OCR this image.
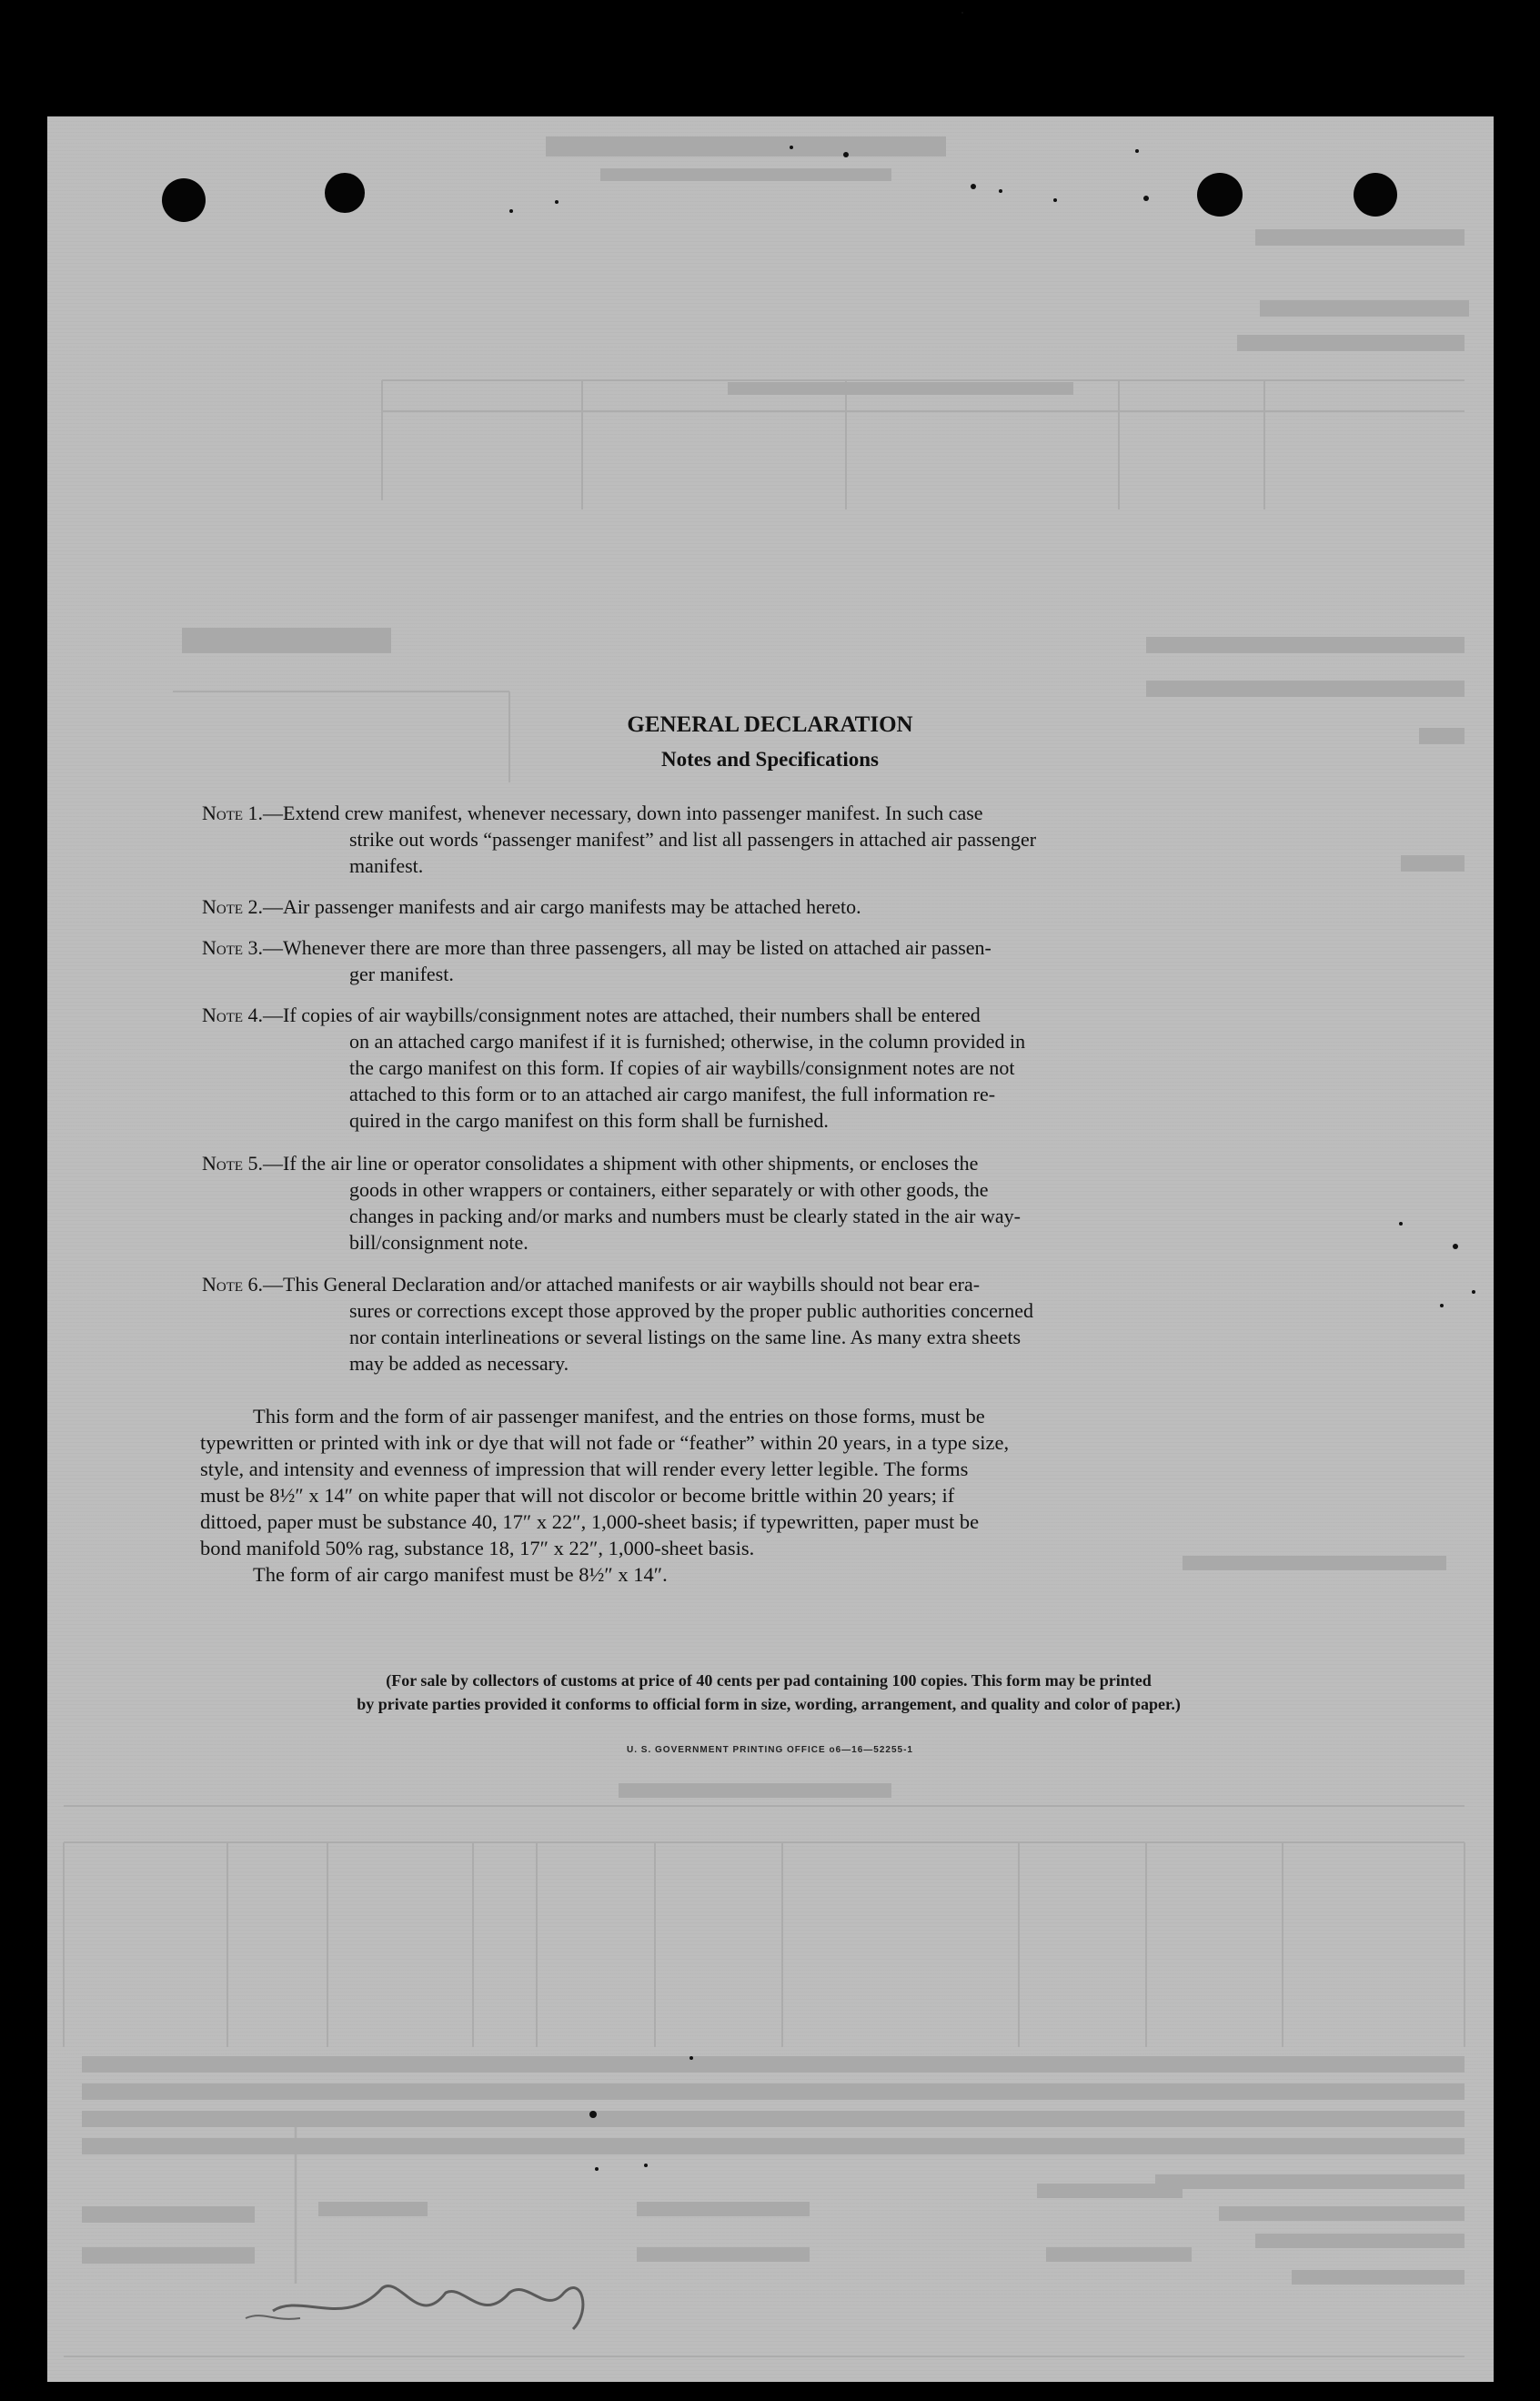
GENERAL DECLARATION
Notes and Specifications
Note 1.—Extend crew manifest, whenever necessary, down into passenger manifest. In such case
strike out words “passenger manifest” and list all passengers in attached air passenger
manifest.
Note 2.—Air passenger manifests and air cargo manifests may be attached hereto.
Note 3.—Whenever there are more than three passengers, all may be listed on attached air passen-
ger manifest.
Note 4.—If copies of air waybills/consignment notes are attached, their numbers shall be entered
on an attached cargo manifest if it is furnished; otherwise, in the column provided in
the cargo manifest on this form. If copies of air waybills/consignment notes are not
attached to this form or to an attached air cargo manifest, the full information re-
quired in the cargo manifest on this form shall be furnished.
Note 5.—If the air line or operator consolidates a shipment with other shipments, or encloses the
goods in other wrappers or containers, either separately or with other goods, the
changes in packing and/or marks and numbers must be clearly stated in the air way-
bill/consignment note.
Note 6.—This General Declaration and/or attached manifests or air waybills should not bear era-
sures or corrections except those approved by the proper public authorities concerned
nor contain interlineations or several listings on the same line. As many extra sheets
may be added as necessary.
This form and the form of air passenger manifest, and the entries on those forms, must be
typewritten or printed with ink or dye that will not fade or “feather” within 20 years, in a type size,
style, and intensity and evenness of impression that will render every letter legible. The forms
must be 8½″ x 14″ on white paper that will not discolor or become brittle within 20 years; if
dittoed, paper must be substance 40, 17″ x 22″, 1,000-sheet basis; if typewritten, paper must be
bond manifold 50% rag, substance 18, 17″ x 22″, 1,000-sheet basis.
The form of air cargo manifest must be 8½″ x 14″.
(For sale by collectors of customs at price of 40 cents per pad containing 100 copies. This form may be printed
by private parties provided it conforms to official form in size, wording, arrangement, and quality and color of paper.)
U. S. GOVERNMENT PRINTING OFFICE o6—16—52255-1
